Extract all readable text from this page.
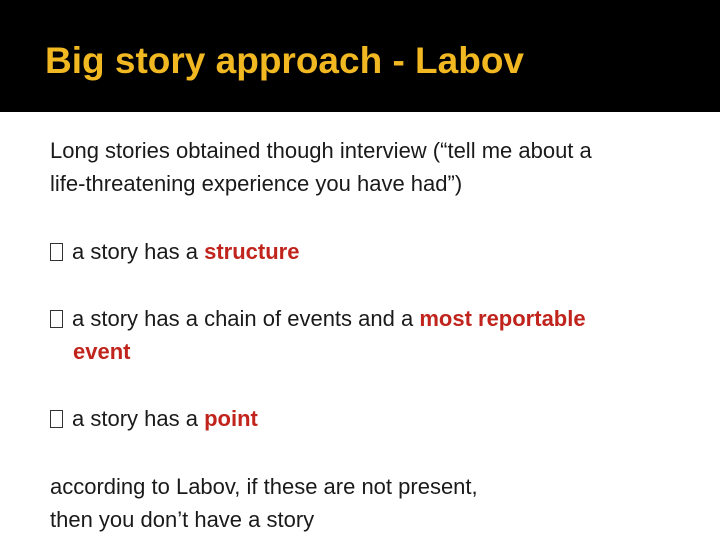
Big story approach - Labov
Long stories obtained though interview (“tell me about a
life-threatening experience you have had”)
a story has a structure
a story has a chain of events and a most reportable
event
a story has a point
according to Labov, if these are not present,
then you don’t have a story
